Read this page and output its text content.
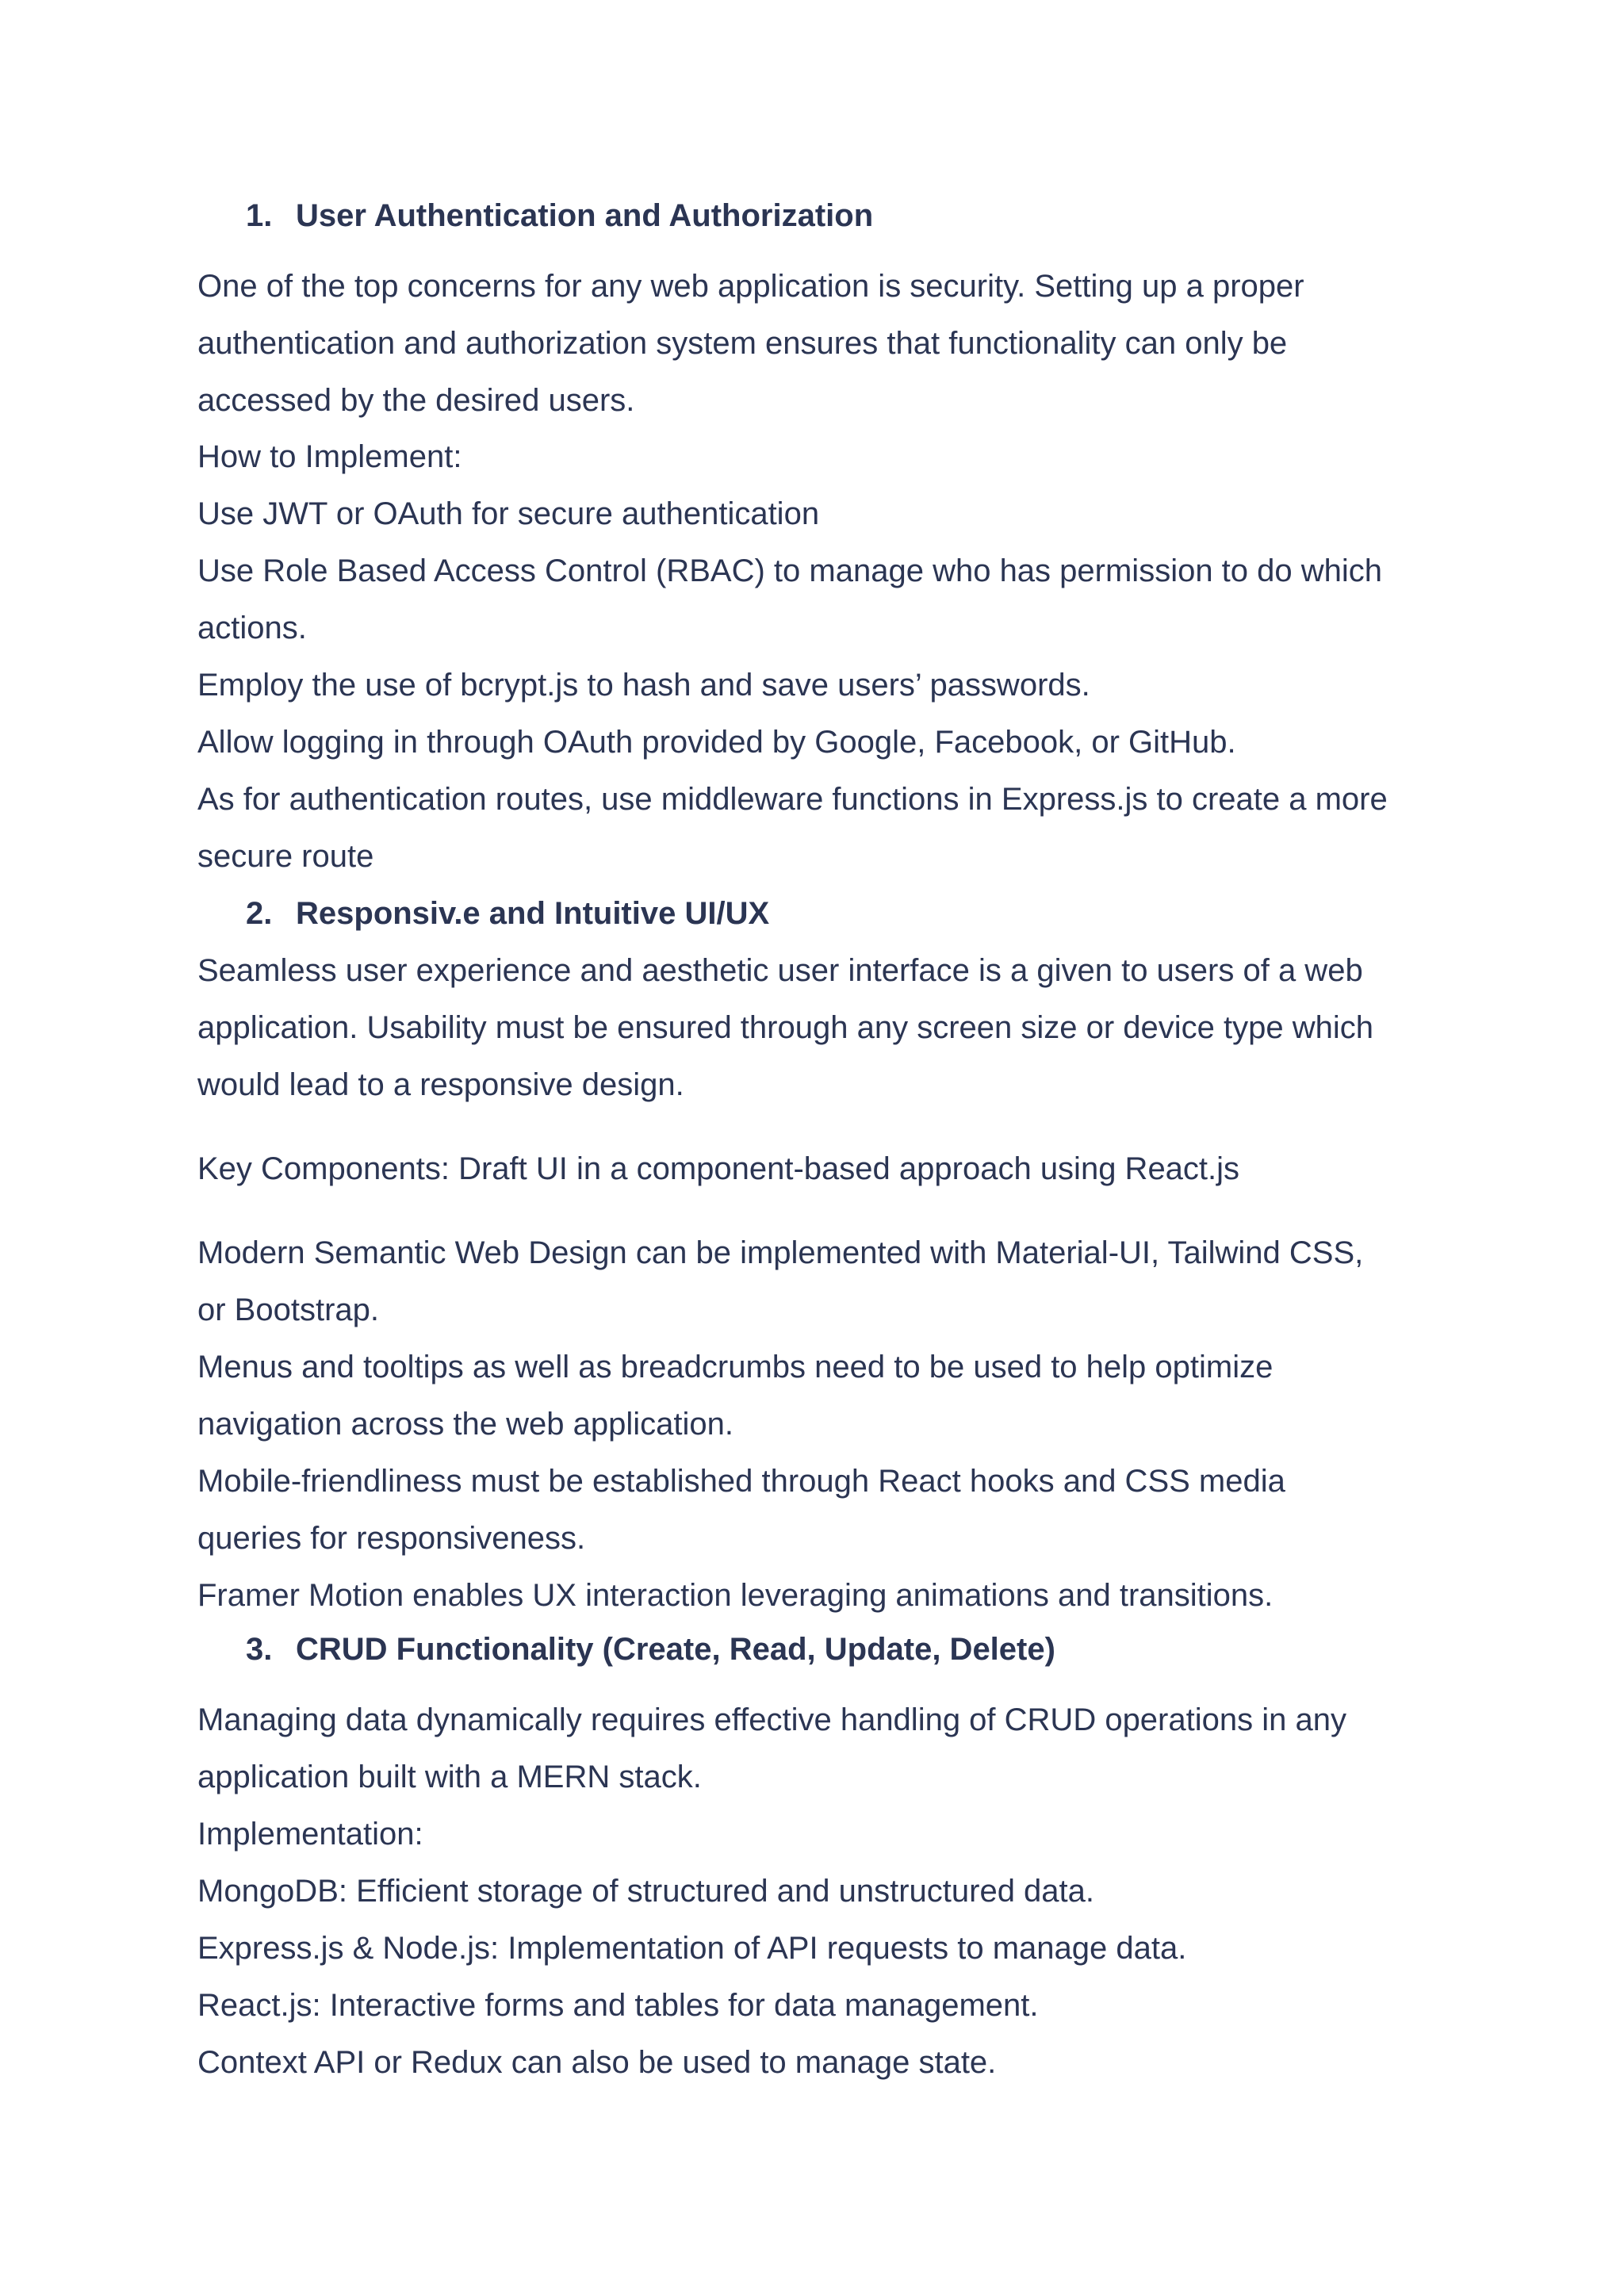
1. User Authentication and Authorization
One of the top concerns for any web application is security. Setting up a proper
authentication and authorization system ensures that functionality can only be
accessed by the desired users.
How to Implement:
Use JWT or OAuth for secure authentication
Use Role Based Access Control (RBAC) to manage who has permission to do which
actions.
Employ the use of bcrypt.js to hash and save users’ passwords.
Allow logging in through OAuth provided by Google, Facebook, or GitHub.
As for authentication routes, use middleware functions in Express.js to create a more
secure route
2. Responsiv.e and Intuitive UI/UX
Seamless user experience and aesthetic user interface is a given to users of a web
application. Usability must be ensured through any screen size or device type which
would lead to a responsive design.
Key Components: Draft UI in a component-based approach using React.js
Modern Semantic Web Design can be implemented with Material-UI, Tailwind CSS,
or Bootstrap.
Menus and tooltips as well as breadcrumbs need to be used to help optimize
navigation across the web application.
Mobile-friendliness must be established through React hooks and CSS media
queries for responsiveness.
Framer Motion enables UX interaction leveraging animations and transitions.
3. CRUD Functionality (Create, Read, Update, Delete)
Managing data dynamically requires effective handling of CRUD operations in any
application built with a MERN stack.
Implementation:
MongoDB: Efficient storage of structured and unstructured data.
Express.js & Node.js: Implementation of API requests to manage data.
React.js: Interactive forms and tables for data management.
Context API or Redux can also be used to manage state.
